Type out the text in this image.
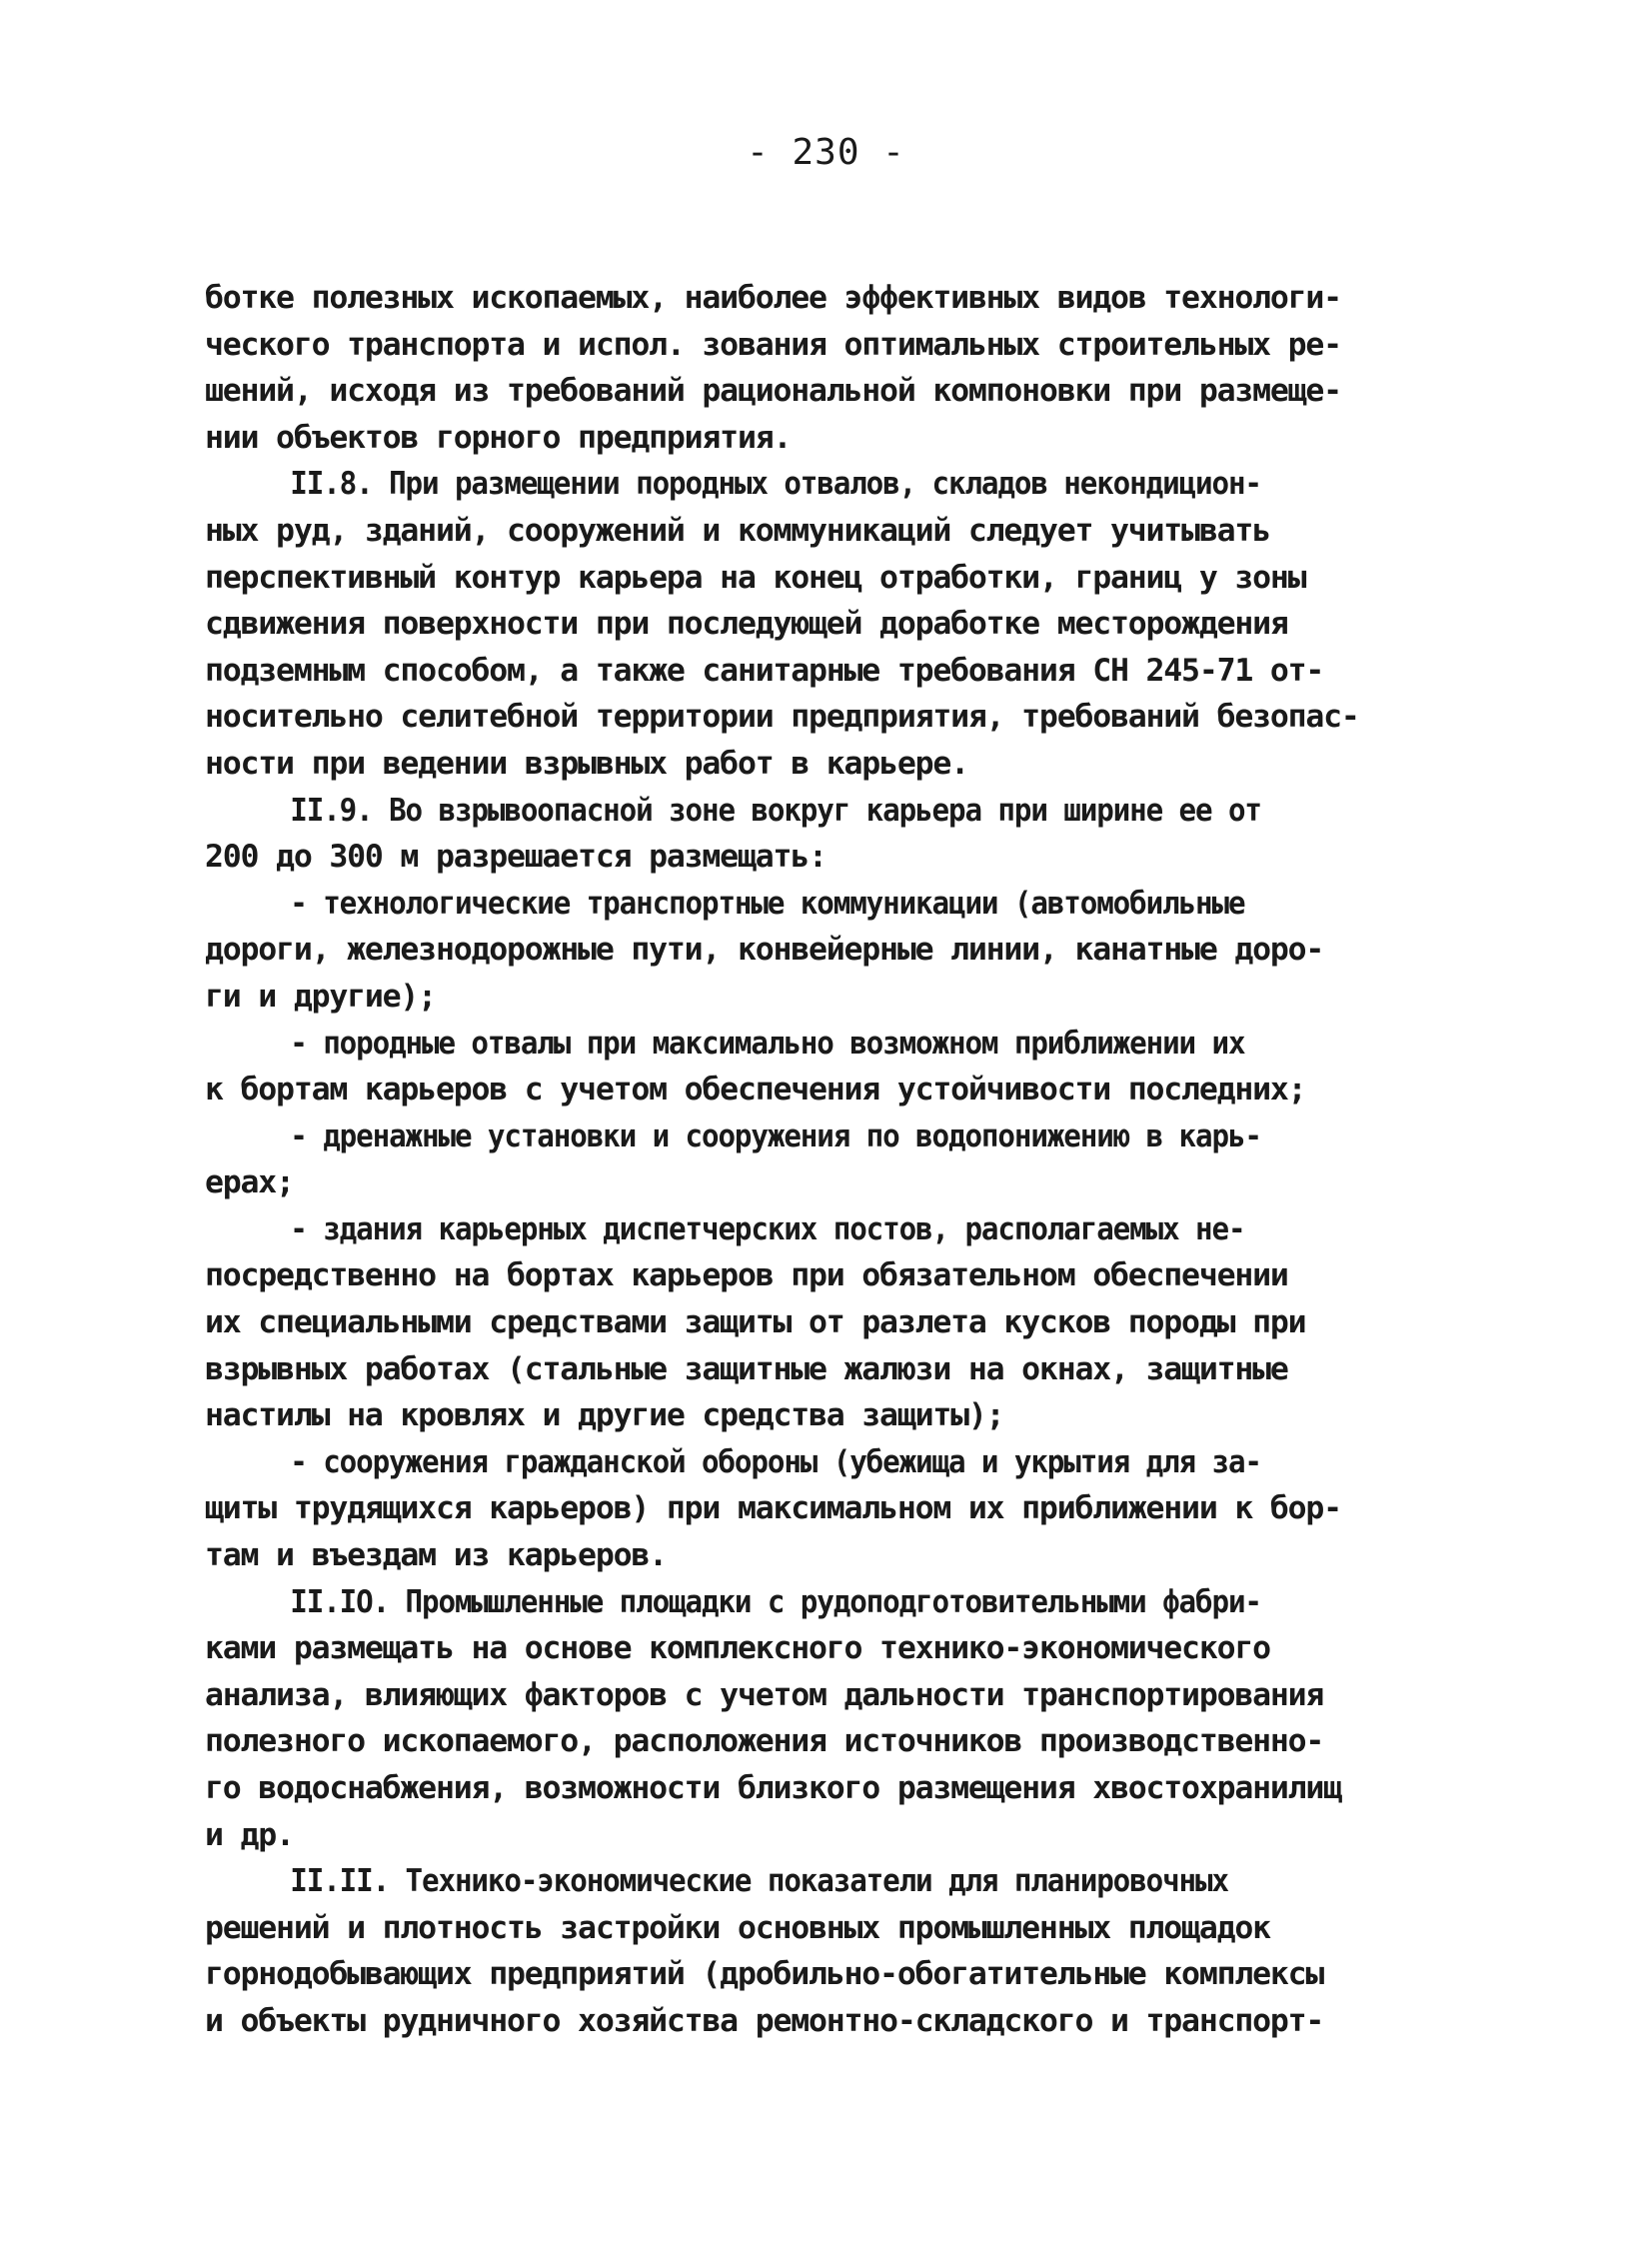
- 230 -
ботке полезных ископаемых, наиболее эффективных видов технологи-
ческого транспорта и испол. зования оптимальных строительных ре-
шений, исходя из требований рациональной компоновки при размеще-
нии объектов горного предприятия.
II.8. При размещении породных отвалов, складов некондицион-
ных руд, зданий, сооружений и коммуникаций следует учитывать
перспективный контур карьера на конец отработки, границ у зоны
сдвижения поверхности при последующей доработке месторождения
подземным способом, а также санитарные требования СН 245-71 от-
носительно селитебной территории предприятия, требований безопас-
ности при ведении взрывных работ в карьере.
II.9. Во взрывоопасной зоне вокруг карьера при ширине ее от
200 до 300 м разрешается размещать:
- технологические транспортные коммуникации (автомобильные
дороги, железнодорожные пути, конвейерные линии, канатные доро-
ги и другие);
- породные отвалы при максимально возможном приближении их
к бортам карьеров с учетом обеспечения устойчивости последних;
- дренажные установки и сооружения по водопонижению в карь-
ерах;
- здания карьерных диспетчерских постов, располагаемых не-
посредственно на бортах карьеров при обязательном обеспечении
их специальными средствами защиты от разлета кусков породы при
взрывных работах (стальные защитные жалюзи на окнах, защитные
настилы на кровлях и другие средства защиты);
- сооружения гражданской обороны (убежища и укрытия для за-
щиты трудящихся карьеров) при максимальном их приближении к бор-
там и въездам из карьеров.
II.IO. Промышленные площадки с рудоподготовительными фабри-
ками размещать на основе комплексного технико-экономического
анализа, влияющих факторов с учетом дальности транспортирования
полезного ископаемого, расположения источников производственно-
го водоснабжения, возможности близкого размещения хвостохранилищ
и др.
II.II. Технико-экономические показатели для планировочных
решений и плотность застройки основных промышленных площадок
горнодобывающих предприятий (дробильно-обогатительные комплексы
и объекты рудничного хозяйства ремонтно-складского и транспорт-
